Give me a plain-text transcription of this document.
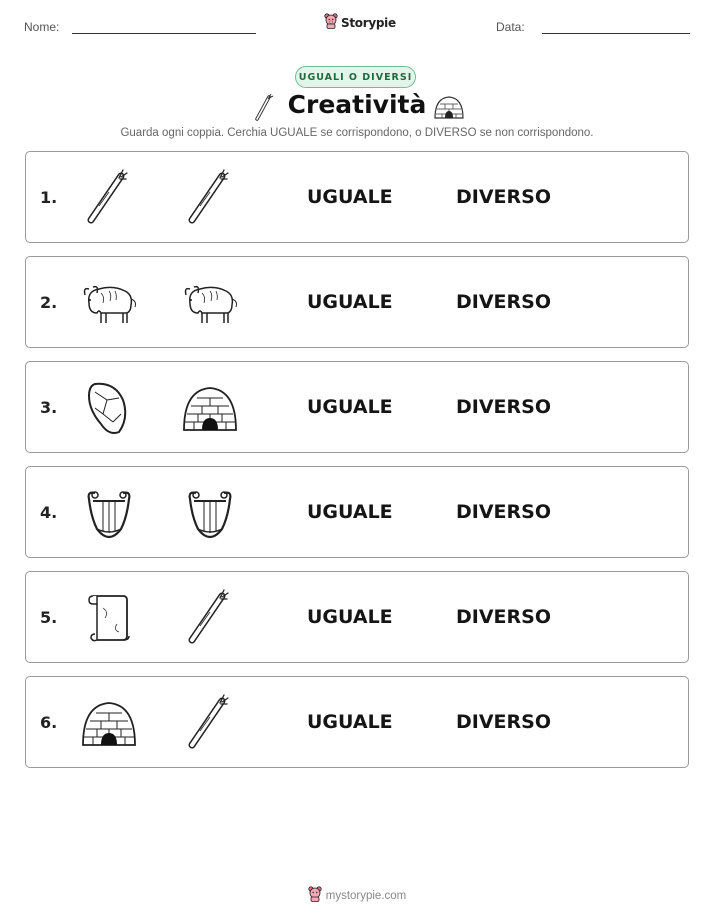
Nome:	Storypie	Data:
UGUALI O DIVERSI
Creatività
Guarda ogni coppia. Cerchia UGUALE se corrispondono, o DIVERSO se non corrispondono.
1.	UGUALE	DIVERSO
2.	UGUALE	DIVERSO
3.	UGUALE	DIVERSO
4.	UGUALE	DIVERSO
5.	UGUALE	DIVERSO
6.	UGUALE	DIVERSO
mystorypie.com
